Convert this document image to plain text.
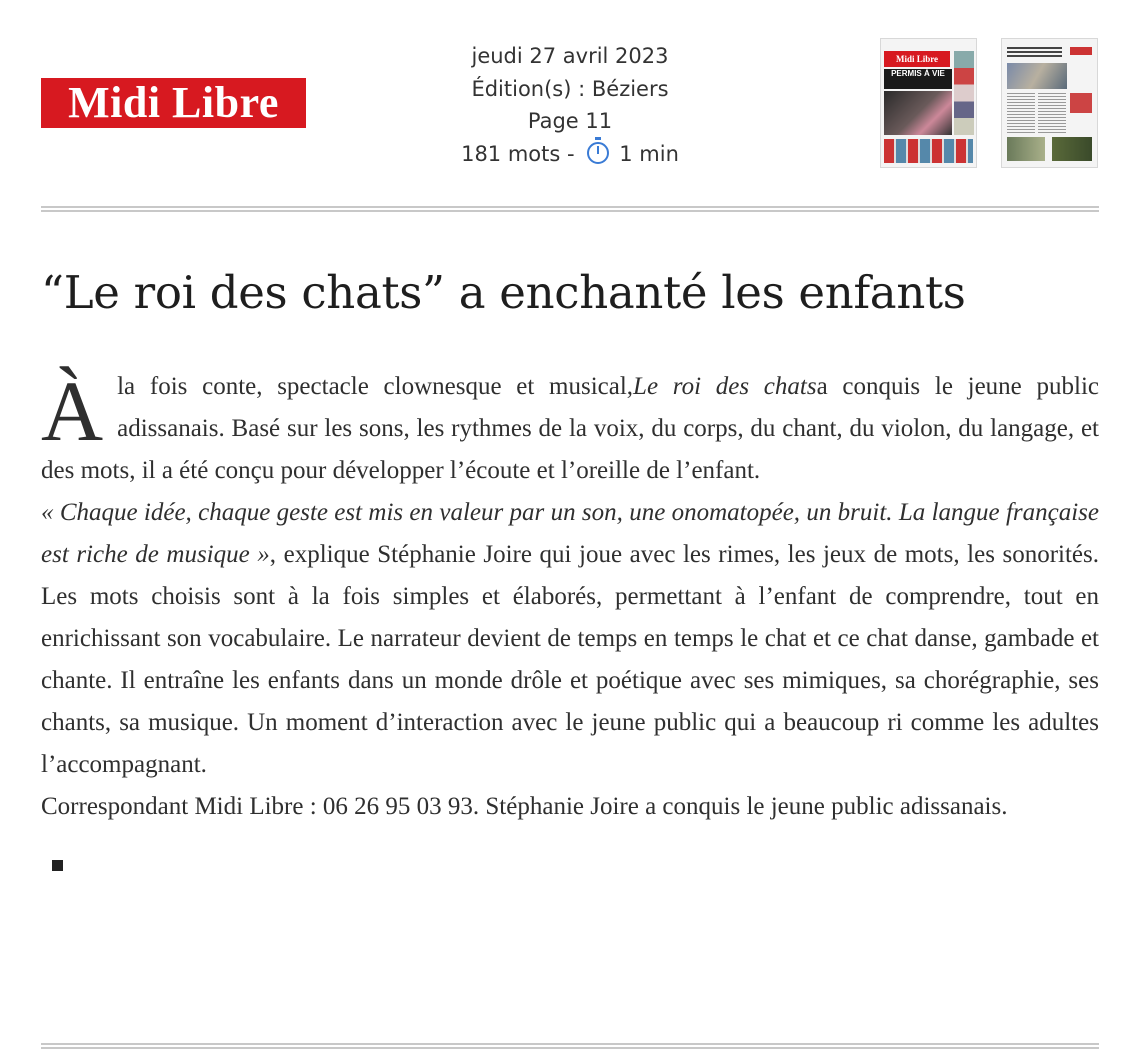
Midi Libre
jeudi 27 avril 2023
Édition(s) : Béziers
Page 11
181 mots - 1 min
Midi Libre
PERMIS À VIE
“Le roi des chats” a enchanté les enfants

À la fois conte, spectacle clownesque et musical,Le roi des chatsa conquis le jeune public adissanais. Basé sur les sons, les rythmes de la voix, du corps, du chant, du violon, du langage, et des mots, il a été conçu pour développer l’écoute et l’oreille de l’enfant.

« Chaque idée, chaque geste est mis en valeur par un son, une onomatopée, un bruit. La langue française est riche de musique », explique Stéphanie Joire qui joue avec les rimes, les jeux de mots, les sonorités. Les mots choisis sont à la fois simples et élaborés, permettant à l’enfant de comprendre, tout en enrichissant son vocabulaire. Le narrateur devient de temps en temps le chat et ce chat danse, gambade et chante. Il entraîne les enfants dans un monde drôle et poétique avec ses mimiques, sa chorégraphie, ses chants, sa musique. Un moment d’interaction avec le jeune public qui a beaucoup ri comme les adultes l’accompagnant.

Correspondant Midi Libre : 06 26 95 03 93. Stéphanie Joire a conquis le jeune public adissanais.
